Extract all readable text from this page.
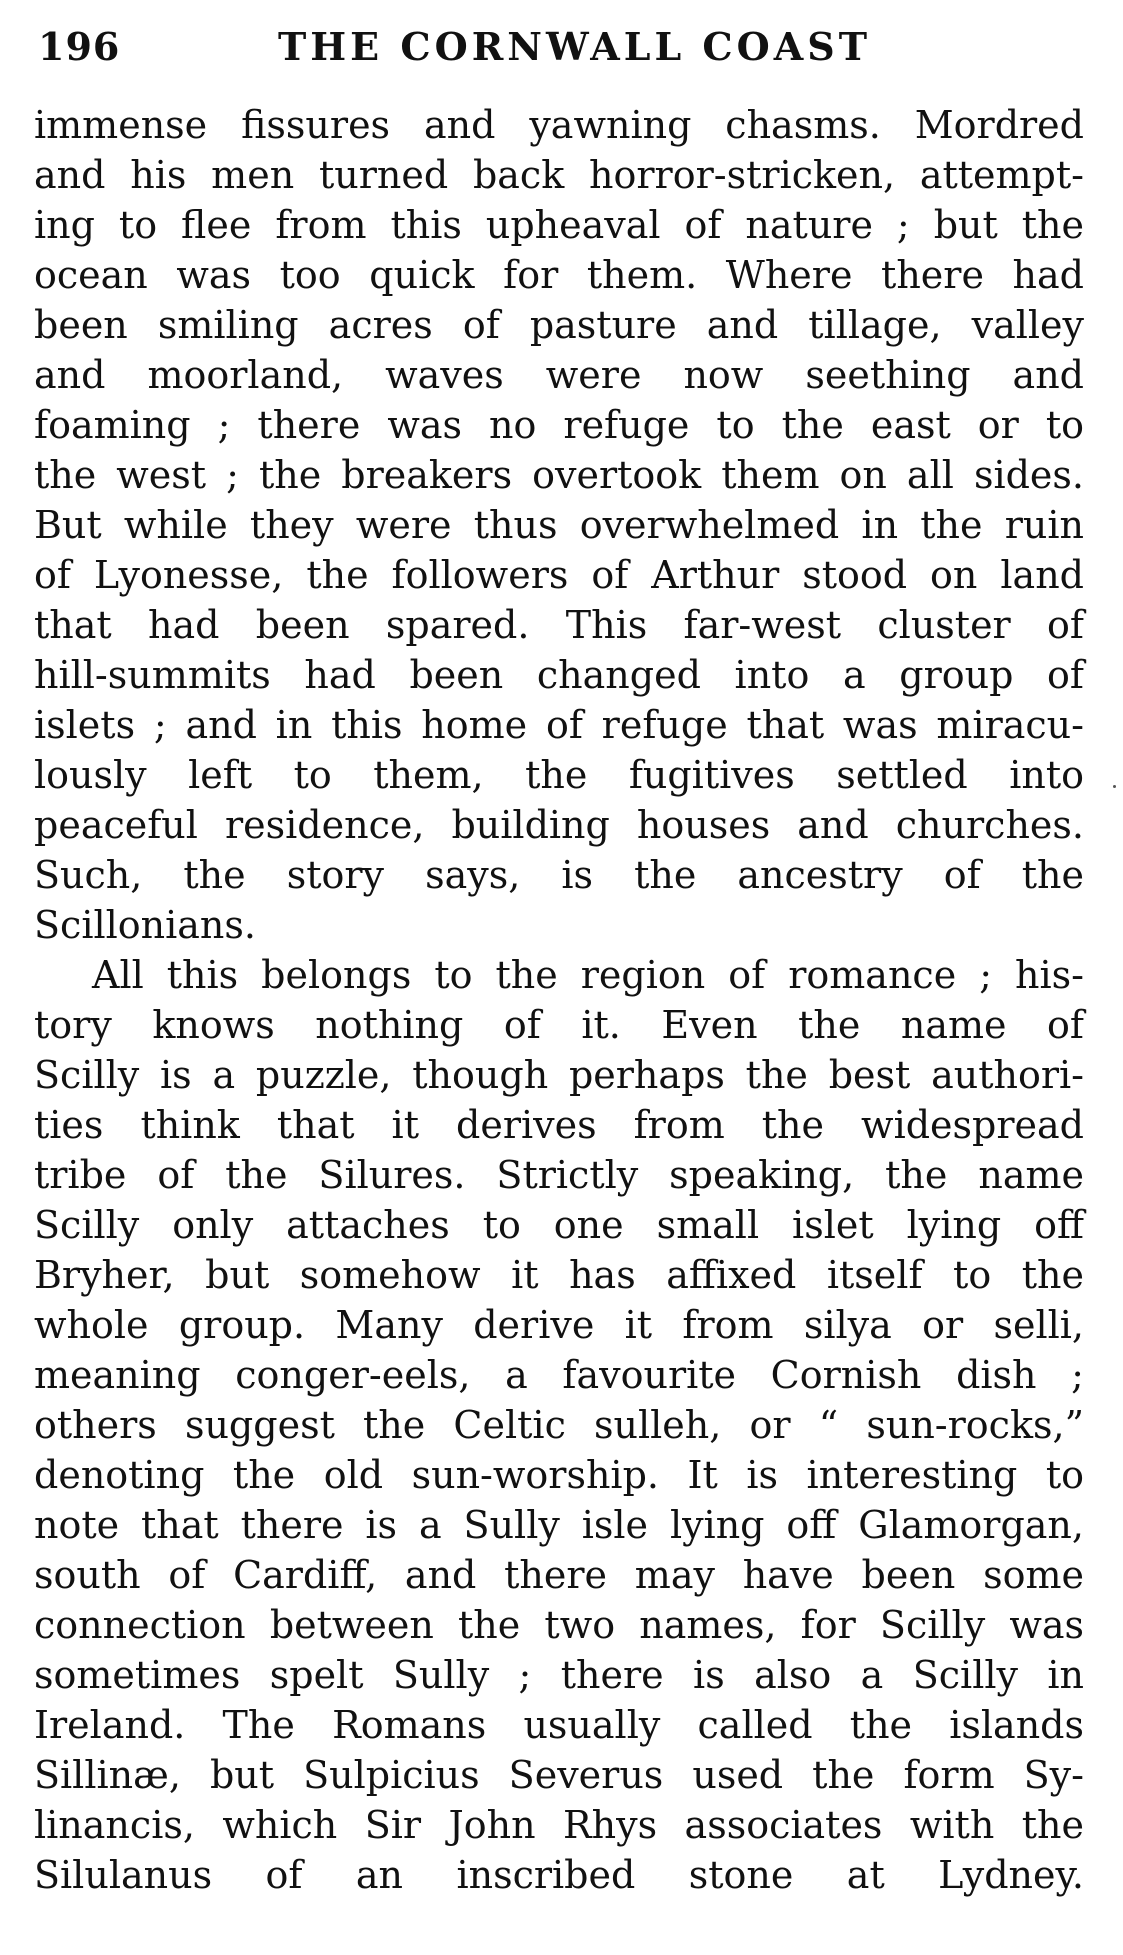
196	THE CORNWALL COAST
immense fissures and yawning chasms. Mordred
and his men turned back horror-stricken, attempt-
ing to flee from this upheaval of nature ; but the
ocean was too quick for them. Where there had
been smiling acres of pasture and tillage, valley
and moorland, waves were now seething and
foaming ; there was no refuge to the east or to
the west ; the breakers overtook them on all sides.
But while they were thus overwhelmed in the ruin
of Lyonesse, the followers of Arthur stood on land
that had been spared. This far-west cluster of
hill-summits had been changed into a group of
islets ; and in this home of refuge that was miracu-
lously left to them, the fugitives settled into
peaceful residence, building houses and churches.
Such, the story says, is the ancestry of the
Scillonians.
All this belongs to the region of romance ; his-
tory knows nothing of it. Even the name of
Scilly is a puzzle, though perhaps the best authori-
ties think that it derives from the widespread
tribe of the Silures. Strictly speaking, the name
Scilly only attaches to one small islet lying off
Bryher, but somehow it has affixed itself to the
whole group. Many derive it from silya or selli,
meaning conger-eels, a favourite Cornish dish ;
others suggest the Celtic sulleh, or “ sun-rocks,”
denoting the old sun-worship. It is interesting to
note that there is a Sully isle lying off Glamorgan,
south of Cardiff, and there may have been some
connection between the two names, for Scilly was
sometimes spelt Sully ; there is also a Scilly in
Ireland. The Romans usually called the islands
Sillinæ, but Sulpicius Severus used the form Sy-
linancis, which Sir John Rhys associates with the
Silulanus of an inscribed stone at Lydney.
